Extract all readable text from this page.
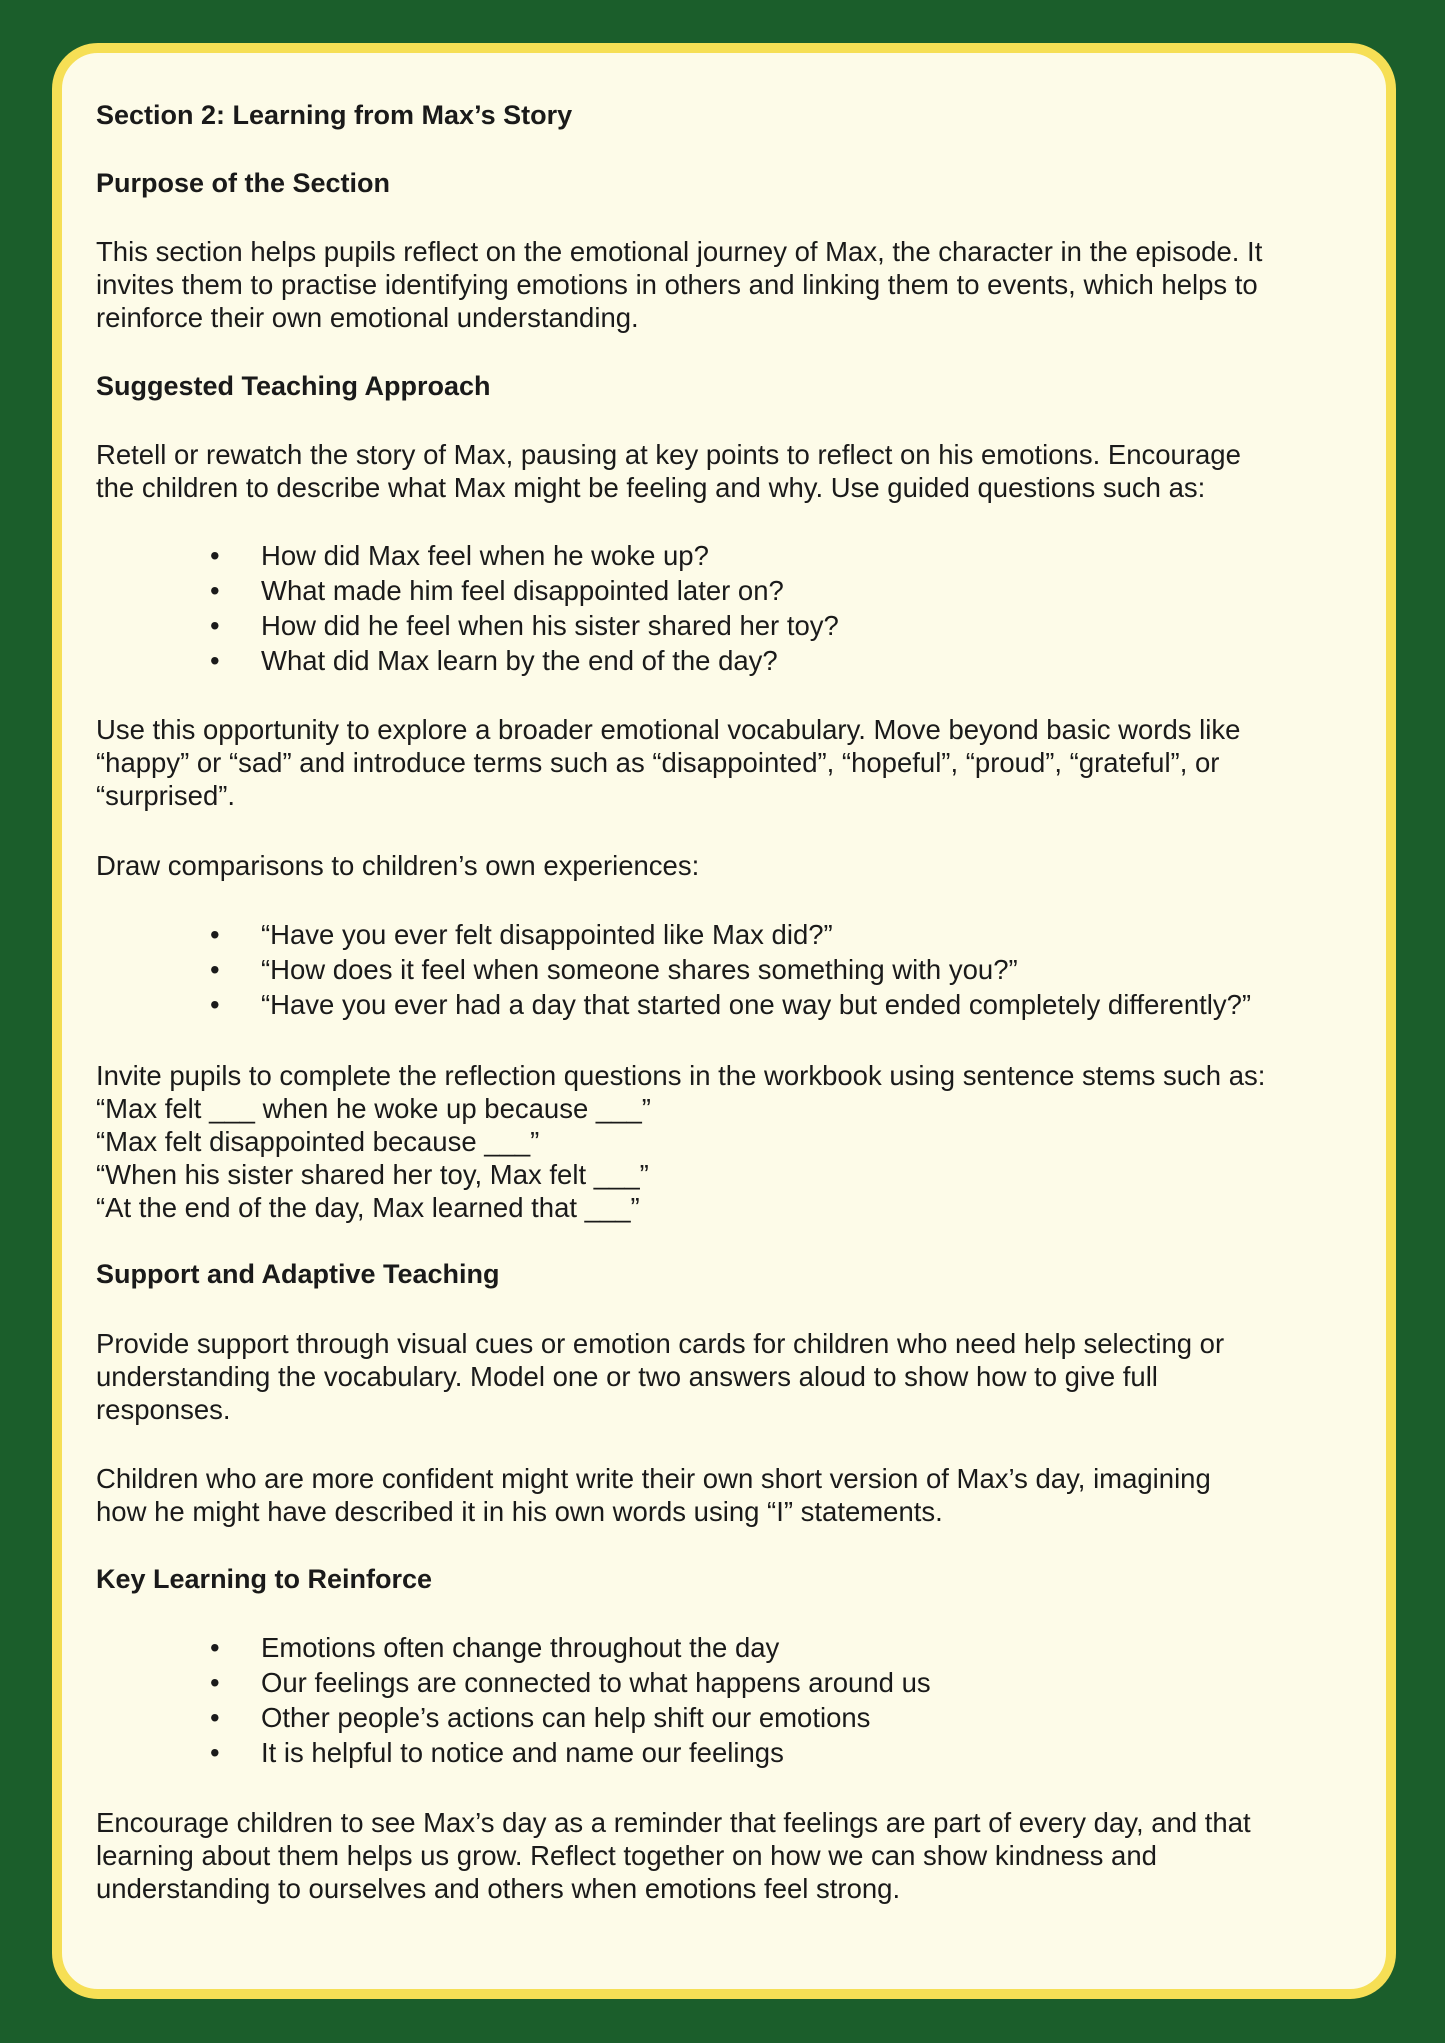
Section 2: Learning from Max’s Story

Purpose of the Section

This section helps pupils reflect on the emotional journey of Max, the character in the episode. It

invites them to practise identifying emotions in others and linking them to events, which helps to

reinforce their own emotional understanding.

Suggested Teaching Approach

Retell or rewatch the story of Max, pausing at key points to reflect on his emotions. Encourage

the children to describe what Max might be feeling and why. Use guided questions such as:

• How did Max feel when he woke up?
• What made him feel disappointed later on?
• How did he feel when his sister shared her toy?
• What did Max learn by the end of the day?

Use this opportunity to explore a broader emotional vocabulary. Move beyond basic words like

“happy” or “sad” and introduce terms such as “disappointed”, “hopeful”, “proud”, “grateful”, or

“surprised”.

Draw comparisons to children’s own experiences:

• “Have you ever felt disappointed like Max did?”
• “How does it feel when someone shares something with you?”
• “Have you ever had a day that started one way but ended completely differently?”

Invite pupils to complete the reflection questions in the workbook using sentence stems such as:

“Max felt ___ when he woke up because ___”

“Max felt disappointed because ___”

“When his sister shared her toy, Max felt ___”

“At the end of the day, Max learned that ___”

Support and Adaptive Teaching

Provide support through visual cues or emotion cards for children who need help selecting or

understanding the vocabulary. Model one or two answers aloud to show how to give full

responses.

Children who are more confident might write their own short version of Max’s day, imagining

how he might have described it in his own words using “I” statements.

Key Learning to Reinforce

• Emotions often change throughout the day
• Our feelings are connected to what happens around us
• Other people’s actions can help shift our emotions
• It is helpful to notice and name our feelings

Encourage children to see Max’s day as a reminder that feelings are part of every day, and that

learning about them helps us grow. Reflect together on how we can show kindness and

understanding to ourselves and others when emotions feel strong.
